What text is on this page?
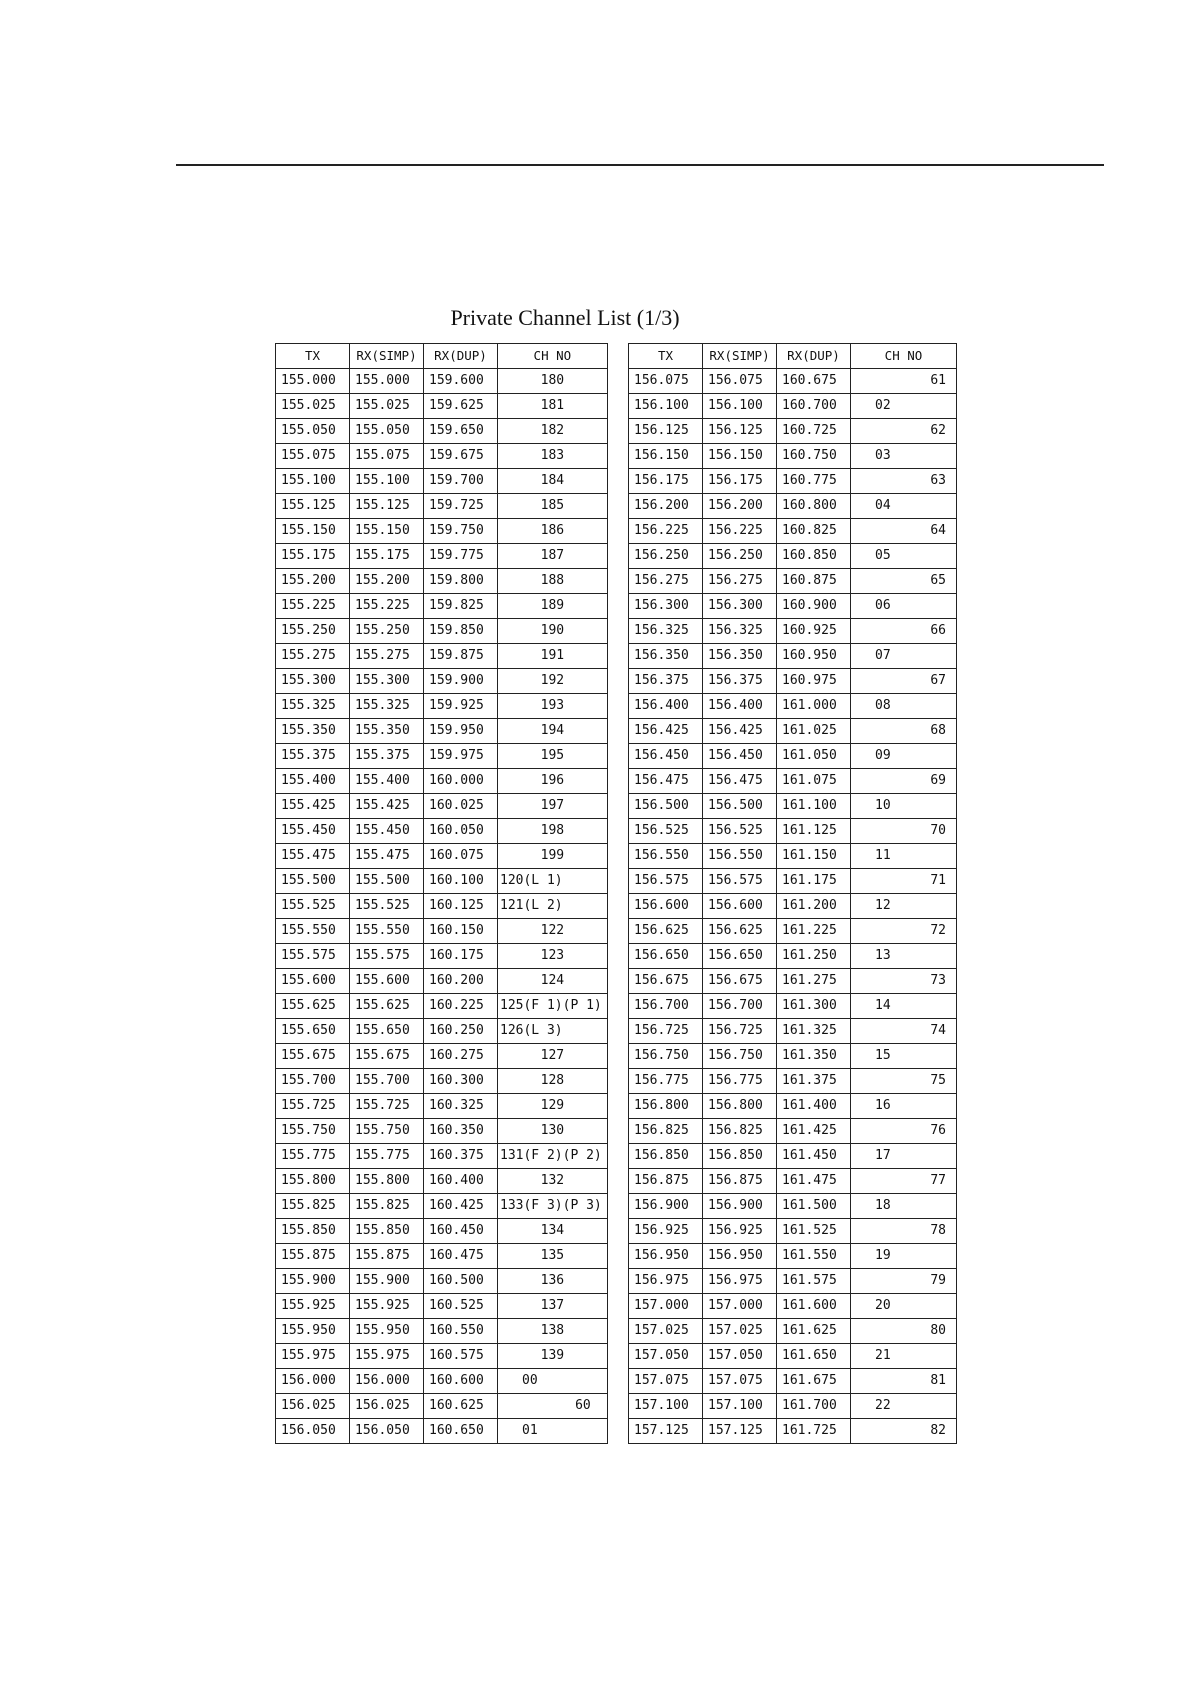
Private Channel List (1/3)
TX	RX(SIMP)	RX(DUP)	CH NO
155.000	155.000	159.600	180
155.025	155.025	159.625	181
155.050	155.050	159.650	182
155.075	155.075	159.675	183
155.100	155.100	159.700	184
155.125	155.125	159.725	185
155.150	155.150	159.750	186
155.175	155.175	159.775	187
155.200	155.200	159.800	188
155.225	155.225	159.825	189
155.250	155.250	159.850	190
155.275	155.275	159.875	191
155.300	155.300	159.900	192
155.325	155.325	159.925	193
155.350	155.350	159.950	194
155.375	155.375	159.975	195
155.400	155.400	160.000	196
155.425	155.425	160.025	197
155.450	155.450	160.050	198
155.475	155.475	160.075	199
155.500	155.500	160.100	120(L 1)
155.525	155.525	160.125	121(L 2)
155.550	155.550	160.150	122
155.575	155.575	160.175	123
155.600	155.600	160.200	124
155.625	155.625	160.225	125(F 1)(P 1)
155.650	155.650	160.250	126(L 3)
155.675	155.675	160.275	127
155.700	155.700	160.300	128
155.725	155.725	160.325	129
155.750	155.750	160.350	130
155.775	155.775	160.375	131(F 2)(P 2)
155.800	155.800	160.400	132
155.825	155.825	160.425	133(F 3)(P 3)
155.850	155.850	160.450	134
155.875	155.875	160.475	135
155.900	155.900	160.500	136
155.925	155.925	160.525	137
155.950	155.950	160.550	138
155.975	155.975	160.575	139
156.000	156.000	160.600	00
156.025	156.025	160.625	60
156.050	156.050	160.650	01
TX	RX(SIMP)	RX(DUP)	CH NO
156.075	156.075	160.675	61
156.100	156.100	160.700	02
156.125	156.125	160.725	62
156.150	156.150	160.750	03
156.175	156.175	160.775	63
156.200	156.200	160.800	04
156.225	156.225	160.825	64
156.250	156.250	160.850	05
156.275	156.275	160.875	65
156.300	156.300	160.900	06
156.325	156.325	160.925	66
156.350	156.350	160.950	07
156.375	156.375	160.975	67
156.400	156.400	161.000	08
156.425	156.425	161.025	68
156.450	156.450	161.050	09
156.475	156.475	161.075	69
156.500	156.500	161.100	10
156.525	156.525	161.125	70
156.550	156.550	161.150	11
156.575	156.575	161.175	71
156.600	156.600	161.200	12
156.625	156.625	161.225	72
156.650	156.650	161.250	13
156.675	156.675	161.275	73
156.700	156.700	161.300	14
156.725	156.725	161.325	74
156.750	156.750	161.350	15
156.775	156.775	161.375	75
156.800	156.800	161.400	16
156.825	156.825	161.425	76
156.850	156.850	161.450	17
156.875	156.875	161.475	77
156.900	156.900	161.500	18
156.925	156.925	161.525	78
156.950	156.950	161.550	19
156.975	156.975	161.575	79
157.000	157.000	161.600	20
157.025	157.025	161.625	80
157.050	157.050	161.650	21
157.075	157.075	161.675	81
157.100	157.100	161.700	22
157.125	157.125	161.725	82
